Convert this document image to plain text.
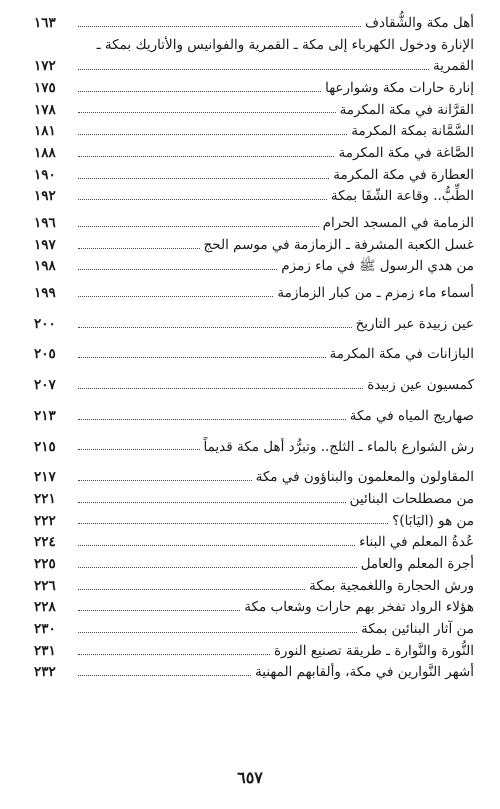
أهل مكة والشُّقادف
١٦٣
الإنارة ودخول الكهرباء إلى مكة ـ القمرية والفوانيس والأتاريك بمكة ـ
القمرية
١٧٢
إنارة حارات مكة وشوارعها
١٧٥
القرَّانة في مكة المكرمة
١٧٨
السَّمَّانة بمكة المكرمة
١٨١
الصَّاغة في مكة المكرمة
١٨٨
العطارة في مكة المكرمة
١٩٠
الطِّبُّ.. وقاعة الشّفَا بمكة
١٩٢
الزمامة في المسجد الحرام
١٩٦
غسل الكعبة المشرفة ـ الزمازمة في موسم الحج
١٩٧
من هدي الرسول ﷺ في ماء زمزم
١٩٨
أسماء ماء زمزم ـ من كبار الزمازمة
١٩٩
عين زبيدة عبر التاريخ
٢٠٠
البازانات في مكة المكرمة
٢٠٥
كمسيون عين زبيدة
٢٠٧
صهاريج المياه في مكة
٢١٣
رش الشوارع بالماء ـ الثلج.. وتبرُّد أهل مكة قديماً
٢١٥
المقاولون والمعلمون والبناؤون في مكة
٢١٧
من مصطلحات البنائين
٢٢١
من هو (اليَابَا)؟
٢٢٢
عُدةُ المعلم في البناء
٢٢٤
أجرة المعلم والعامل
٢٢٥
ورش الحجارة واللغمجية بمكة
٢٢٦
هؤلاء الرواد تفخر بهم حارات وشعاب مكة
٢٢٨
من آثار البنائين بمكة
٢٣٠
النُّورة والنَّوارة ـ طريقة تصنيع النورة
٢٣١
أشهر النَّوارين في مكة، وألقابهم المهنية
٢٣٢
٦٥٧
